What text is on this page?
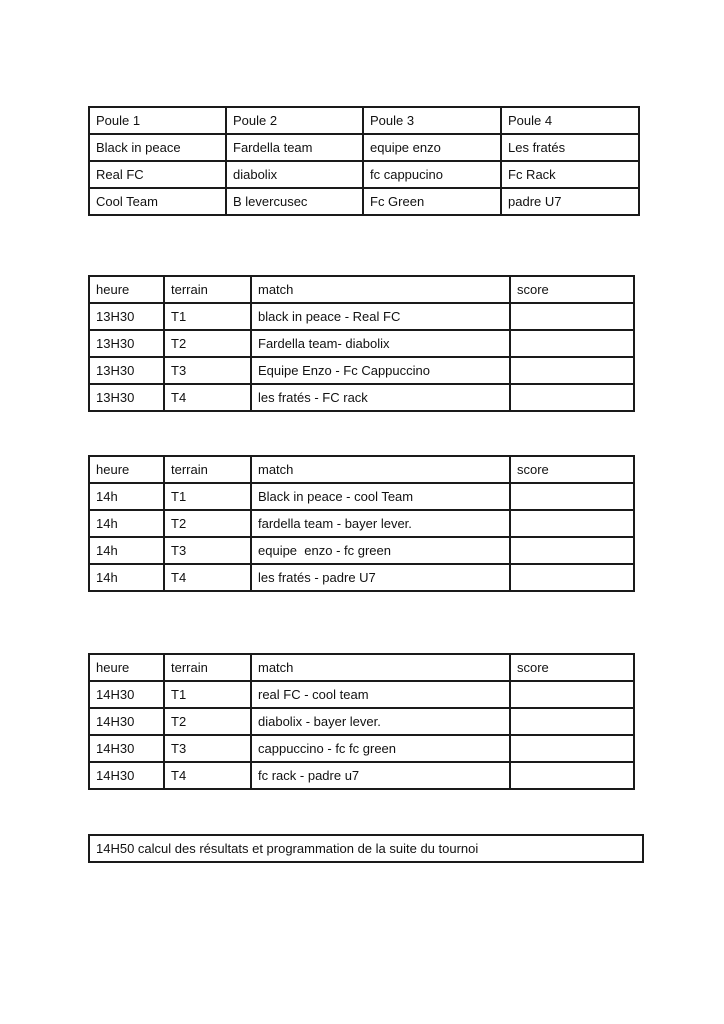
Poule 1	Poule 2	Poule 3	Poule 4
Black in peace	Fardella team	equipe enzo	Les fratés
Real FC	diabolix	fc cappucino	Fc Rack
Cool Team	B levercusec	Fc Green	padre U7
heure	terrain	match	score
13H30	T1	black in peace - Real FC	
13H30	T2	Fardella team- diabolix	
13H30	T3	Equipe Enzo - Fc Cappuccino	
13H30	T4	les fratés - FC rack	
heure	terrain	match	score
14h	T1	Black in peace - cool Team	
14h	T2	fardella team - bayer lever.	
14h	T3	equipe  enzo - fc green	
14h	T4	les fratés - padre U7	
heure	terrain	match	score
14H30	T1	real FC - cool team	
14H30	T2	diabolix - bayer lever.	
14H30	T3	cappuccino - fc fc green	
14H30	T4	fc rack - padre u7	
14H50 calcul des résultats et programmation de la suite du tournoi
